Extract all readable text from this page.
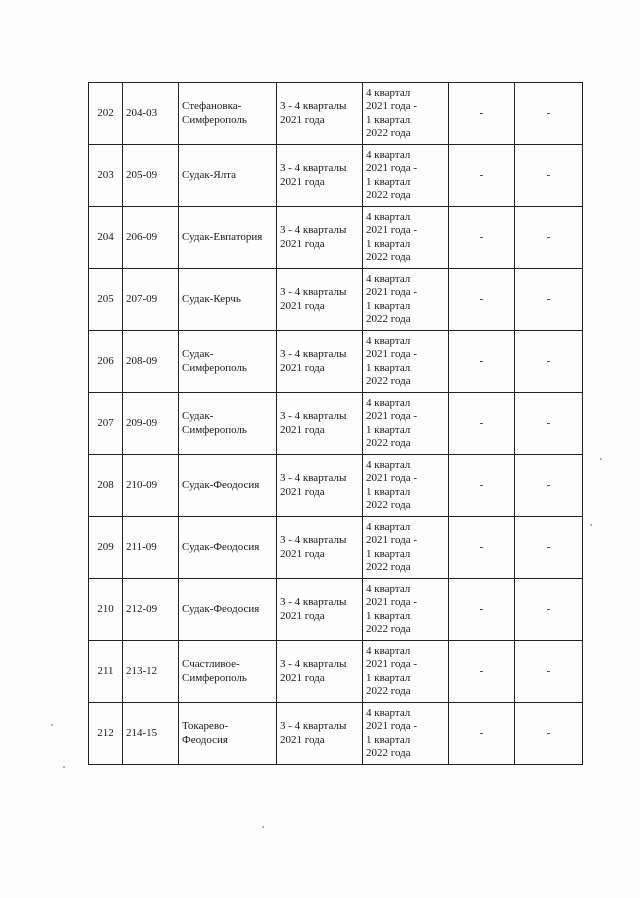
202	204-03	Стефановка-
Симферополь	3 - 4 кварталы
2021 года	4 квартал
2021 года -
1 квартал
2022 года	-	-
203	205-09	Судак-Ялта	3 - 4 кварталы
2021 года	4 квартал
2021 года -
1 квартал
2022 года	-	-
204	206-09	Судак-Евпатория	3 - 4 кварталы
2021 года	4 квартал
2021 года -
1 квартал
2022 года	-	-
205	207-09	Судак-Керчь	3 - 4 кварталы
2021 года	4 квартал
2021 года -
1 квартал
2022 года	-	-
206	208-09	Судак-
Симферополь	3 - 4 кварталы
2021 года	4 квартал
2021 года -
1 квартал
2022 года	-	-
207	209-09	Судак-
Симферополь	3 - 4 кварталы
2021 года	4 квартал
2021 года -
1 квартал
2022 года	-	-
208	210-09	Судак-Феодосия	3 - 4 кварталы
2021 года	4 квартал
2021 года -
1 квартал
2022 года	-	-
209	211-09	Судак-Феодосия	3 - 4 кварталы
2021 года	4 квартал
2021 года -
1 квартал
2022 года	-	-
210	212-09	Судак-Феодосия	3 - 4 кварталы
2021 года	4 квартал
2021 года -
1 квартал
2022 года	-	-
211	213-12	Счастливое-
Симферополь	3 - 4 кварталы
2021 года	4 квартал
2021 года -
1 квартал
2022 года	-	-
212	214-15	Токарево-
Феодосия	3 - 4 кварталы
2021 года	4 квартал
2021 года -
1 квартал
2022 года	-	-
